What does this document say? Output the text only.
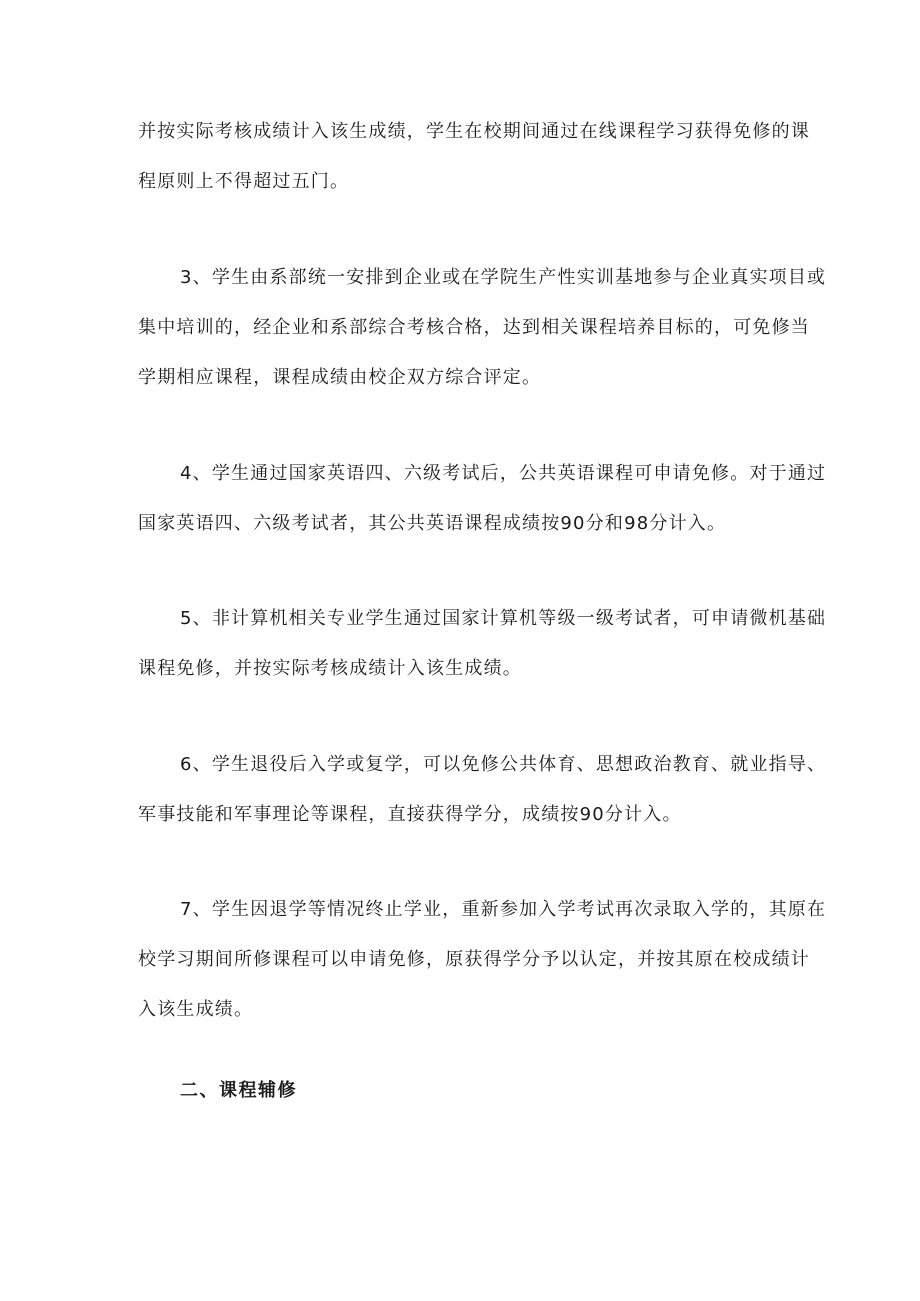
并按实际考核成绩计入该生成绩，学生在校期间通过在线课程学习获得免修的课
程原则上不得超过五门。

3、学生由系部统一安排到企业或在学院生产性实训基地参与企业真实项目或
集中培训的，经企业和系部综合考核合格，达到相关课程培养目标的，可免修当
学期相应课程，课程成绩由校企双方综合评定。

4、学生通过国家英语四、六级考试后，公共英语课程可申请免修。对于通过
国家英语四、六级考试者，其公共英语课程成绩按90分和98分计入。

5、非计算机相关专业学生通过国家计算机等级一级考试者，可申请微机基础
课程免修，并按实际考核成绩计入该生成绩。

6、学生退役后入学或复学，可以免修公共体育、思想政治教育、就业指导、
军事技能和军事理论等课程，直接获得学分，成绩按90分计入。

7、学生因退学等情况终止学业，重新参加入学考试再次录取入学的，其原在
校学习期间所修课程可以申请免修，原获得学分予以认定，并按其原在校成绩计
入该生成绩。

二、课程辅修
